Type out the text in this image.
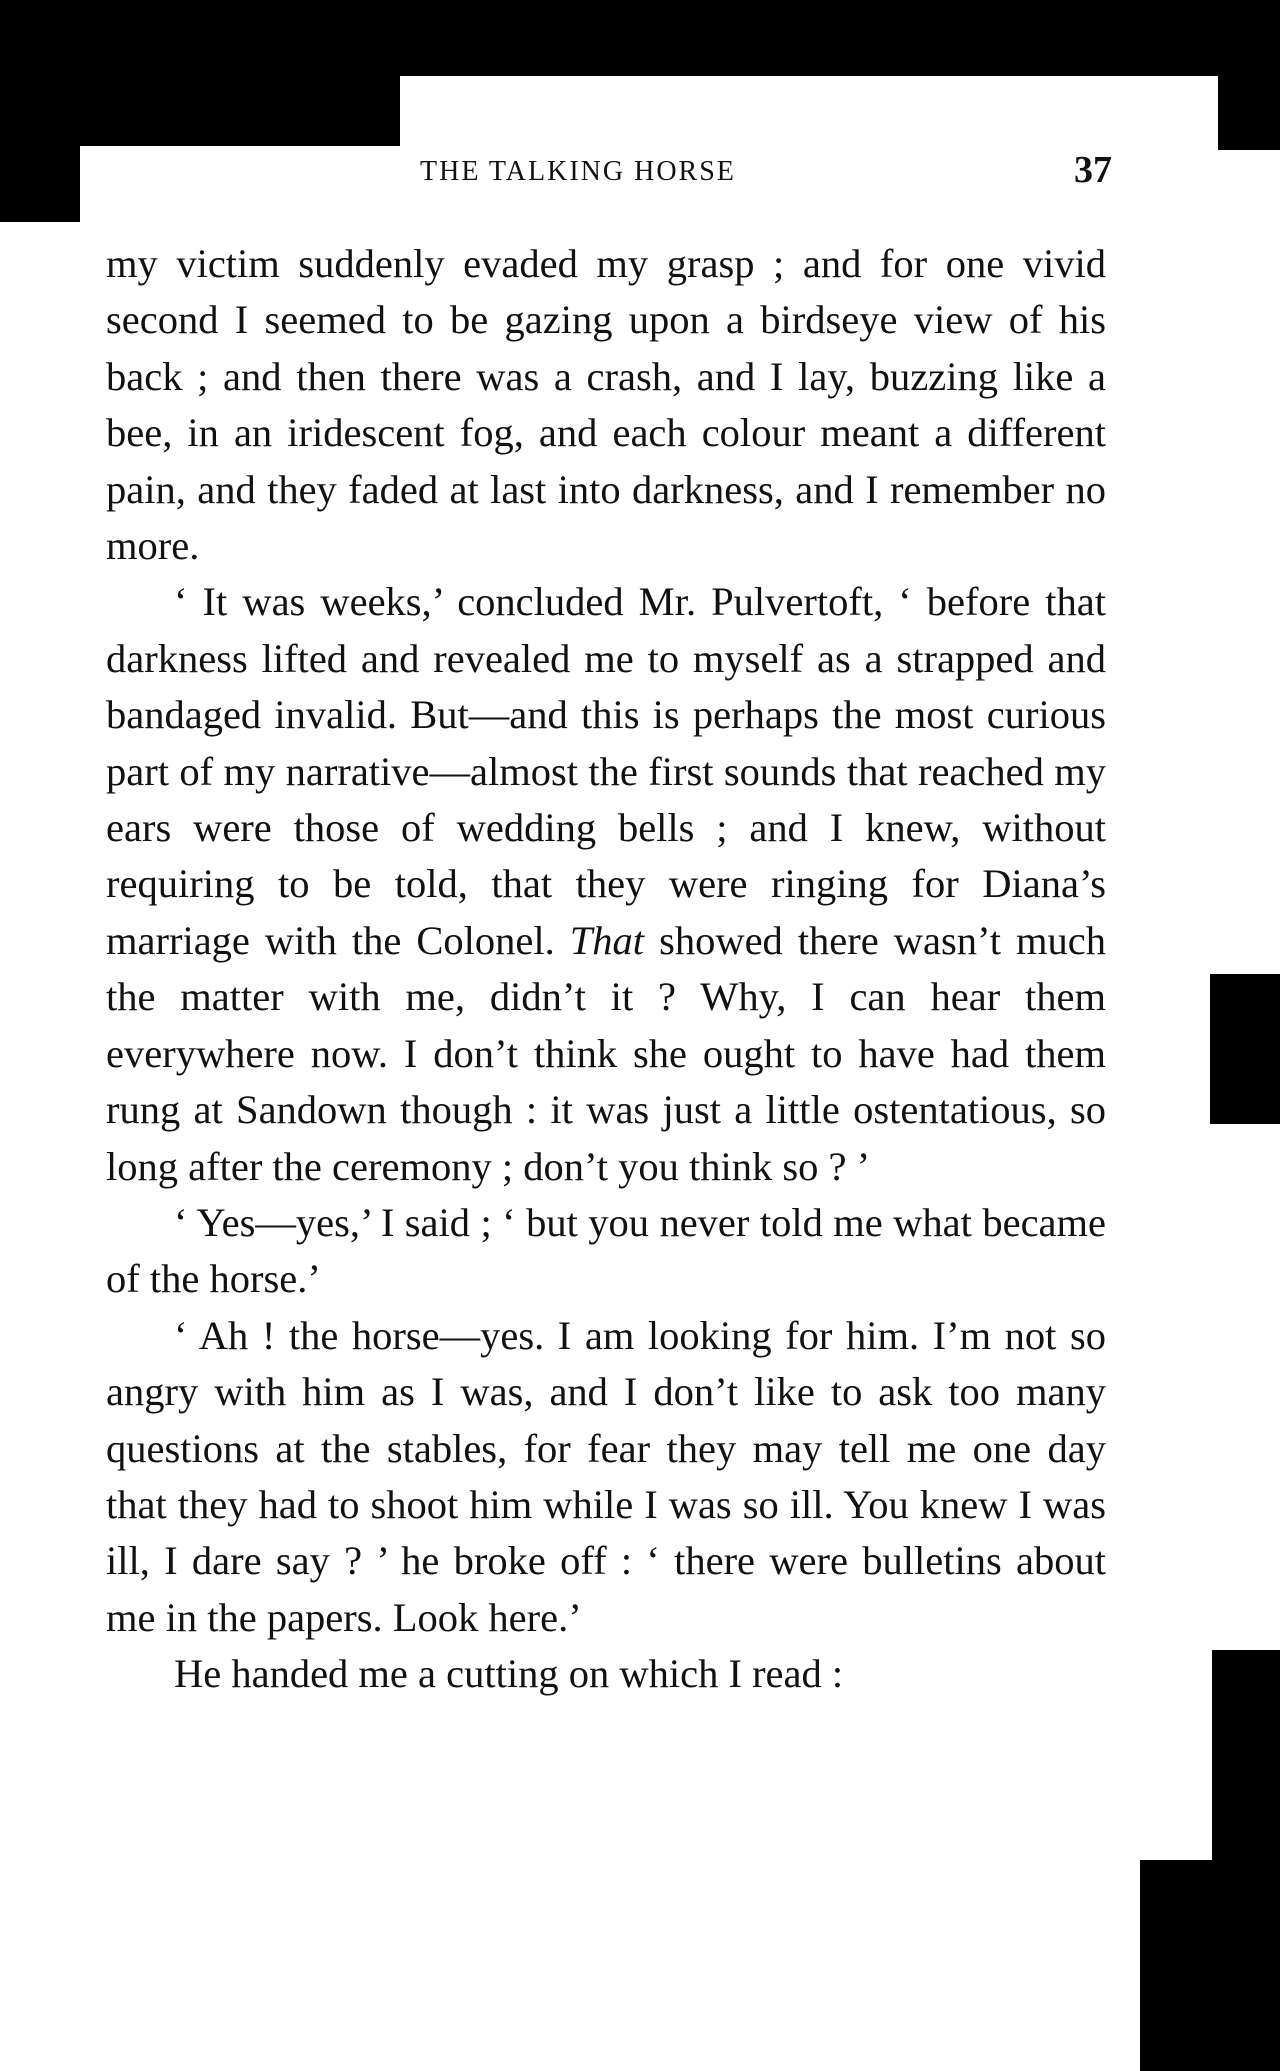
THE TALKING HORSE	37

my victim suddenly evaded my grasp ; and for one vivid second I seemed to be gazing upon a birdseye view of his back ; and then there was a crash, and I lay, buzzing like a bee, in an iridescent fog, and each colour meant a different pain, and they faded at last into darkness, and I remember no more.

‘ It was weeks,’ concluded Mr. Pulvertoft, ‘ before that darkness lifted and revealed me to myself as a strapped and bandaged invalid. But—and this is perhaps the most curious part of my narrative—almost the first sounds that reached my ears were those of wedding bells ; and I knew, without requiring to be told, that they were ringing for Diana’s marriage with the Colonel. That showed there wasn’t much the matter with me, didn’t it ? Why, I can hear them everywhere now. I don’t think she ought to have had them rung at Sandown though : it was just a little ostentatious, so long after the ceremony ; don’t you think so ? ’

‘ Yes—yes,’ I said ; ‘ but you never told me what became of the horse.’

‘ Ah ! the horse—yes. I am looking for him. I’m not so angry with him as I was, and I don’t like to ask too many questions at the stables, for fear they may tell me one day that they had to shoot him while I was so ill. You knew I was ill, I dare say ? ’ he broke off : ‘ there were bulletins about me in the papers. Look here.’

He handed me a cutting on which I read :
